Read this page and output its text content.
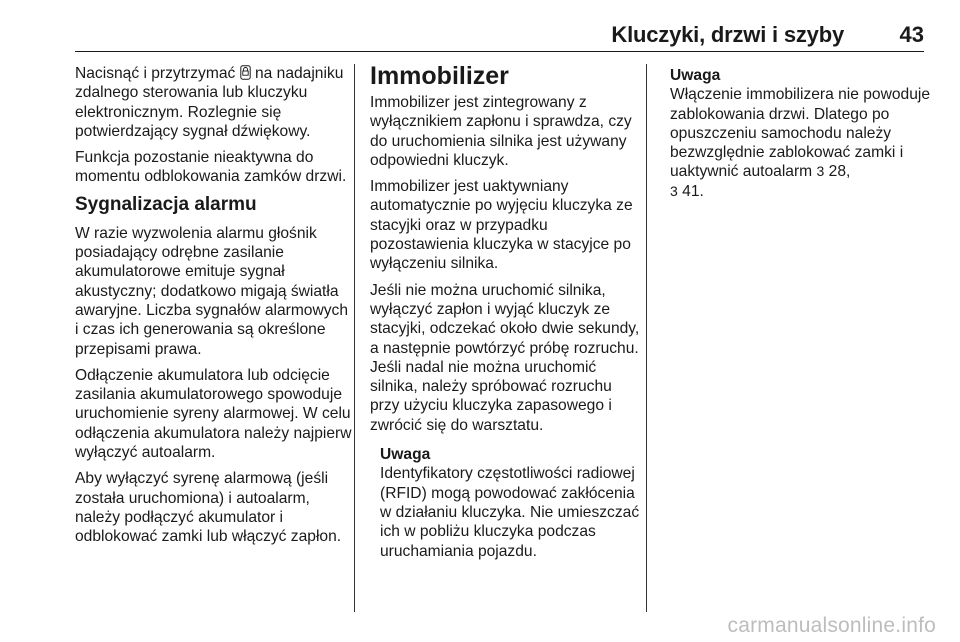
Kluczyki, drzwi i szyby	43

Nacisnąć i przytrzymać  na nadajniku zdalnego sterowania lub kluczyku elektronicznym. Rozlegnie się potwierdzający sygnał dźwiękowy.

Funkcja pozostanie nieaktywna do momentu odblokowania zamków drzwi.

Sygnalizacja alarmu

W razie wyzwolenia alarmu głośnik posiadający odrębne zasilanie akumulatorowe emituje sygnał akustyczny; dodatkowo migają światła awaryjne. Liczba sygnałów alarmowych i czas ich generowania są określone przepisami prawa.

Odłączenie akumulatora lub odcięcie zasilania akumulatorowego spowoduje uruchomienie syreny alarmowej. W celu odłączenia akumulatora należy najpierw wyłączyć autoalarm.

Aby wyłączyć syrenę alarmową (jeśli została uruchomiona) i autoalarm, należy podłączyć akumulator i odblokować zamki lub włączyć zapłon.

Immobilizer

Immobilizer jest zintegrowany z wyłącznikiem zapłonu i sprawdza, czy do uruchomienia silnika jest używany odpowiedni kluczyk.

Immobilizer jest uaktywniany automatycznie po wyjęciu kluczyka ze stacyjki oraz w przypadku pozostawienia kluczyka w stacyjce po wyłączeniu silnika.

Jeśli nie można uruchomić silnika, wyłączyć zapłon i wyjąć kluczyk ze stacyjki, odczekać około dwie sekundy, a następnie powtórzyć próbę rozruchu. Jeśli nadal nie można uruchomić silnika, należy spróbować rozruchu przy użyciu kluczyka zapasowego i zwrócić się do warsztatu.

Uwaga
Identyfikatory częstotliwości radiowej (RFID) mogą powodować zakłócenia w działaniu kluczyka. Nie umieszczać ich w pobliżu kluczyka podczas uruchamiania pojazdu.
Uwaga
Włączenie immobilizera nie powoduje zablokowania drzwi. Dlatego po opuszczeniu samochodu należy bezwzględnie zablokować zamki i uaktywnić autoalarm 3 28,
3 41.
carmanualsonline.info
